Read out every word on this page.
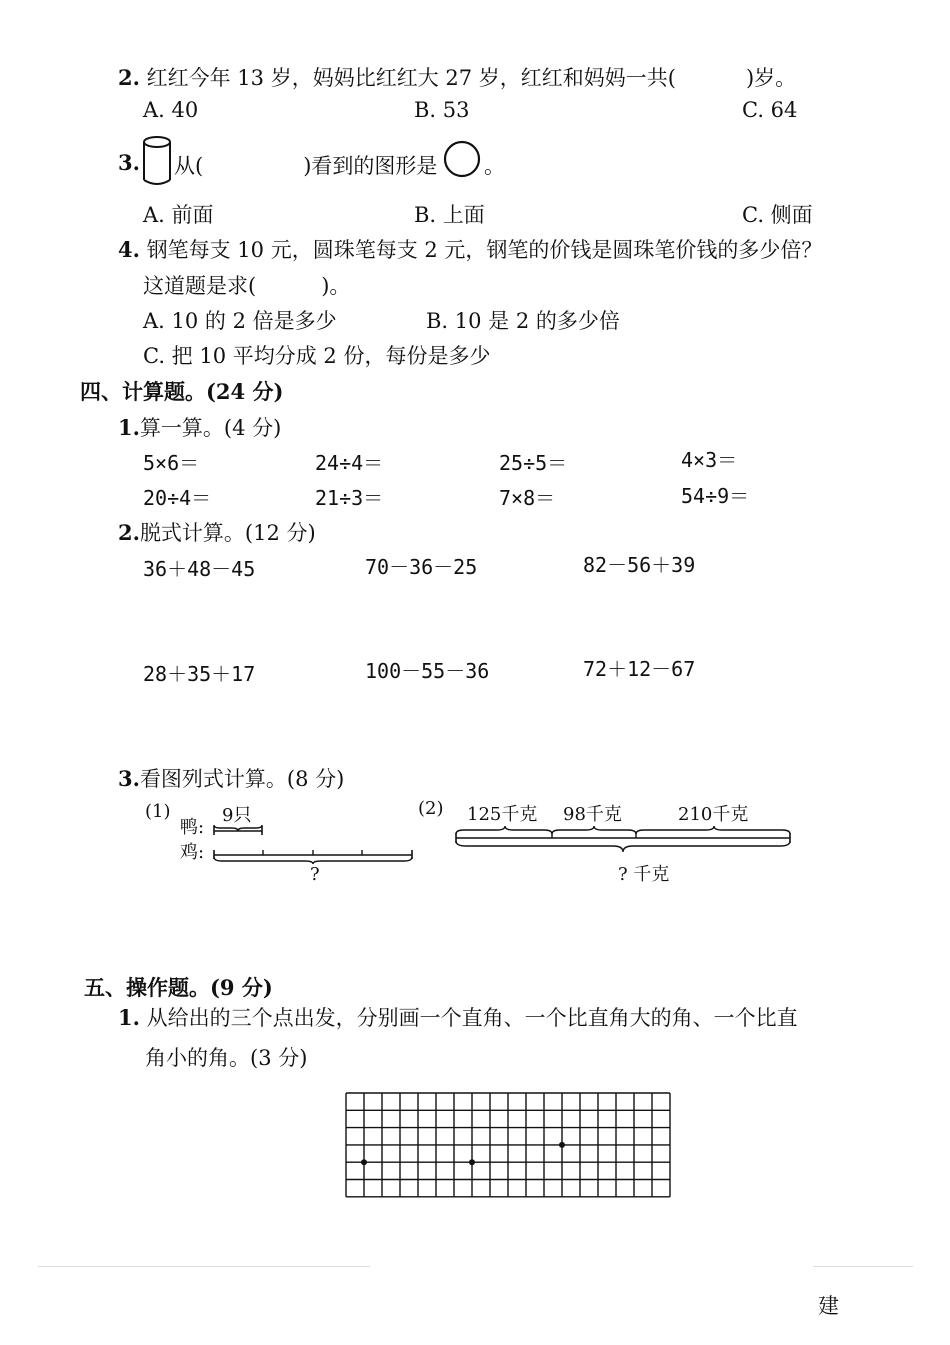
2. 红红今年 13 岁，妈妈比红红大 27 岁，红红和妈妈一共(	)岁。
A. 40	B. 53	C. 64
3. 从(	)看到的图形是 。
A. 前面	B. 上面	C. 侧面
4. 钢笔每支 10 元，圆珠笔每支 2 元，钢笔的价钱是圆珠笔价钱的多少倍？
这道题是求(	)。
A. 10 的 2 倍是多少	B. 10 是 2 的多少倍
C. 把 10 平均分成 2 份，每份是多少
四、计算题。(24 分)
1.算一算。(4 分)
5×6＝	24÷4＝	25÷5＝	4×3＝
20÷4＝	21÷3＝	7×8＝	54÷9＝
2.脱式计算。(12 分)
36＋48－45	70－36－25	82－56＋39
28＋35＋17	100－55－36	72＋12－67
3.看图列式计算。(8 分)
(1)
鸭:
鸡:
9只
?
(2) 125千克 98千克	210千克
? 千克
五、操作题。(9 分)
1. 从给出的三个点出发，分别画一个直角、一个比直角大的角、一个比直
角小的角。(3 分)
建
